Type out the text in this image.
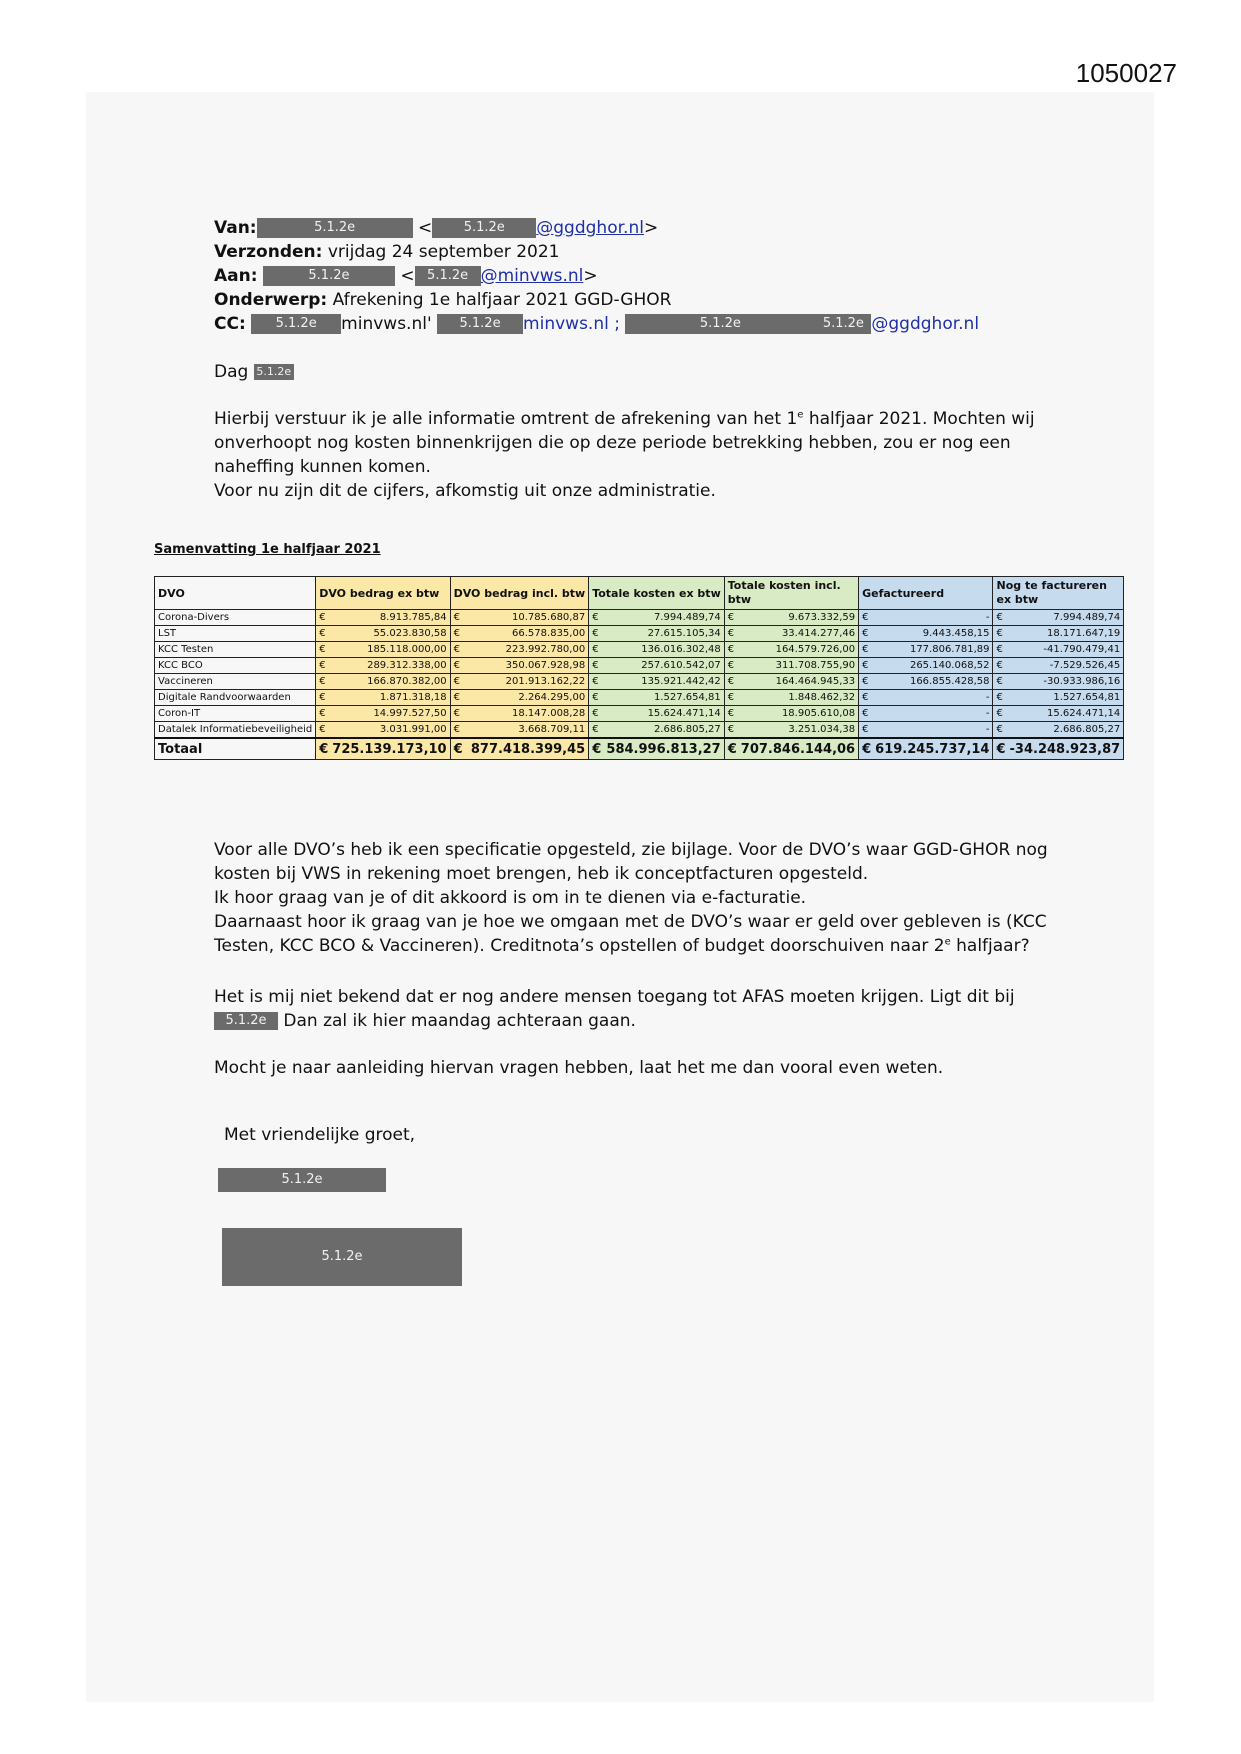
1050027
Van:	5.1.2e	< 5.1.2e @ggdghor.nl>
Verzonden: vrijdag 24 september 2021
Aan:	5.1.2e	< 5.1.2e @minvws.nl>
Onderwerp: Afrekening 1e halfjaar 2021 GGD-GHOR
CC: 5.1.2e minvws.nl' 5.1.2e minvws.nl ;	5.1.2e	5.1.2e @ggdghor.nl
Dag 5.1.2e

Hierbij verstuur ik je alle informatie omtrent de afrekening van het 1e halfjaar 2021. Mochten wij

onverhoopt nog kosten binnenkrijgen die op deze periode betrekking hebben, zou er nog een

naheffing kunnen komen.

Voor nu zijn dit de cijfers, afkomstig uit onze administratie.

Samenvatting 1e halfjaar 2021
DVO	DVO bedrag ex btw	DVO bedrag incl. btw	Totale kosten ex btw	Totale kosten incl. btw	Gefactureerd	Nog te factureren ex btw
Corona-Divers	€ 8.913.785,84	€ 10.785.680,87	€ 7.994.489,74	€ 9.673.332,59	€ -	€ 7.994.489,74

LST	€ 55.023.830,58	€ 66.578.835,00	€ 27.615.105,34	€ 33.414.277,46	€ 9.443.458,15	€ 18.171.647,19

KCC Testen	€ 185.118.000,00	€ 223.992.780,00	€ 136.016.302,48	€ 164.579.726,00	€ 177.806.781,89	€ -41.790.479,41

KCC BCO	€ 289.312.338,00	€ 350.067.928,98	€ 257.610.542,07	€ 311.708.755,90	€ 265.140.068,52	€ -7.529.526,45

Vaccineren	€ 166.870.382,00	€ 201.913.162,22	€ 135.921.442,42	€ 164.464.945,33	€ 166.855.428,58	€ -30.933.986,16

Digitale Randvoorwaarden	€ 1.871.318,18	€ 2.264.295,00	€ 1.527.654,81	€ 1.848.462,32	€ -	€ 1.527.654,81

Coron-IT	€ 14.997.527,50	€ 18.147.008,28	€ 15.624.471,14	€ 18.905.610,08	€ -	€ 15.624.471,14

Datalek Informatiebeveiligheid	€ 3.031.991,00	€ 3.668.709,11	€ 2.686.805,27	€ 3.251.034,38	€ -	€ 2.686.805,27

Totaal	€ 725.139.173,10	€ 877.418.399,45	€ 584.996.813,27	€ 707.846.144,06	€ 619.245.737,14	€ -34.248.923,87

Voor alle DVO’s heb ik een specificatie opgesteld, zie bijlage. Voor de DVO’s waar GGD-GHOR nog

kosten bij VWS in rekening moet brengen, heb ik conceptfacturen opgesteld.

Ik hoor graag van je of dit akkoord is om in te dienen via e-facturatie.

Daarnaast hoor ik graag van je hoe we omgaan met de DVO’s waar er geld over gebleven is (KCC

Testen, KCC BCO & Vaccineren). Creditnota’s opstellen of budget doorschuiven naar 2e halfjaar?

Het is mij niet bekend dat er nog andere mensen toegang tot AFAS moeten krijgen. Ligt dit bij

5.1.2e Dan zal ik hier maandag achteraan gaan.

Mocht je naar aanleiding hiervan vragen hebben, laat het me dan vooral even weten.

Met vriendelijke groet,
5.1.2e
5.1.2e
